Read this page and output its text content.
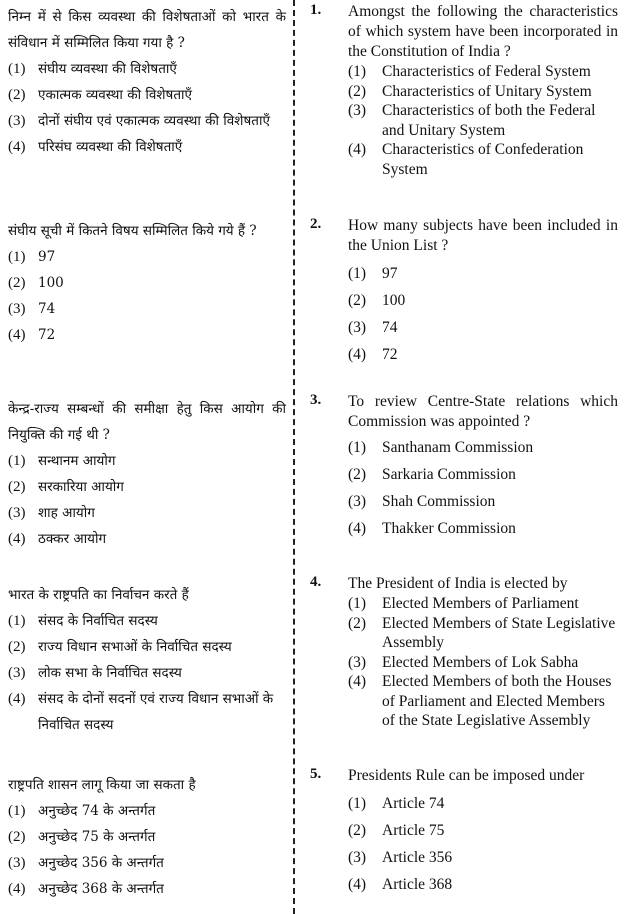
निम्न में से किस व्यवस्था की विशेषताओं को भारत के संविधान में सम्मिलित किया गया है ?
(1) संघीय व्यवस्था की विशेषताएँ
(2) एकात्मक व्यवस्था की विशेषताएँ
(3) दोनों संघीय एवं एकात्मक व्यवस्था की विशेषताएँ
(4) परिसंघ व्यवस्था की विशेषताएँ
संघीय सूची में कितने विषय सम्मिलित किये गये हैं ?
(1) 97
(2) 100
(3) 74
(4) 72
केन्द्र-राज्य सम्बन्धों की समीक्षा हेतु किस आयोग की नियुक्ति की गई थी ?
(1) सन्थानम आयोग
(2) सरकारिया आयोग
(3) शाह आयोग
(4) ठक्कर आयोग
भारत के राष्ट्रपति का निर्वाचन करते हैं
(1) संसद के निर्वाचित सदस्य
(2) राज्य विधान सभाओं के निर्वाचित सदस्य
(3) लोक सभा के निर्वाचित सदस्य
(4) संसद के दोनों सदनों एवं राज्य विधान सभाओं के निर्वाचित सदस्य
राष्ट्रपति शासन लागू किया जा सकता है
(1) अनुच्छेद 74 के अन्तर्गत
(2) अनुच्छेद 75 के अन्तर्गत
(3) अनुच्छेद 356 के अन्तर्गत
(4) अनुच्छेद 368 के अन्तर्गत
1. Amongst the following the characteristics of which system have been incorporated in the Constitution of India ?
(1)	Characteristics of Federal System
(2)	Characteristics of Unitary System
(3)	Characteristics of both the Federal and Unitary System
(4)	Characteristics of Confederation System
2. How many subjects have been included in the Union List ?
(1)	97
(2)	100
(3)	74
(4)	72
3. To review Centre-State relations which Commission was appointed ?
(1)	Santhanam Commission
(2)	Sarkaria Commission
(3)	Shah Commission
(4)	Thakker Commission
4. The President of India is elected by
(1)	Elected Members of Parliament
(2)	Elected Members of State Legislative Assembly
(3)	Elected Members of Lok Sabha
(4)	Elected Members of both the Houses of Parliament and Elected Members of the State Legislative Assembly
5. Presidents Rule can be imposed under
(1)	Article 74
(2)	Article 75
(3)	Article 356
(4)	Article 368
